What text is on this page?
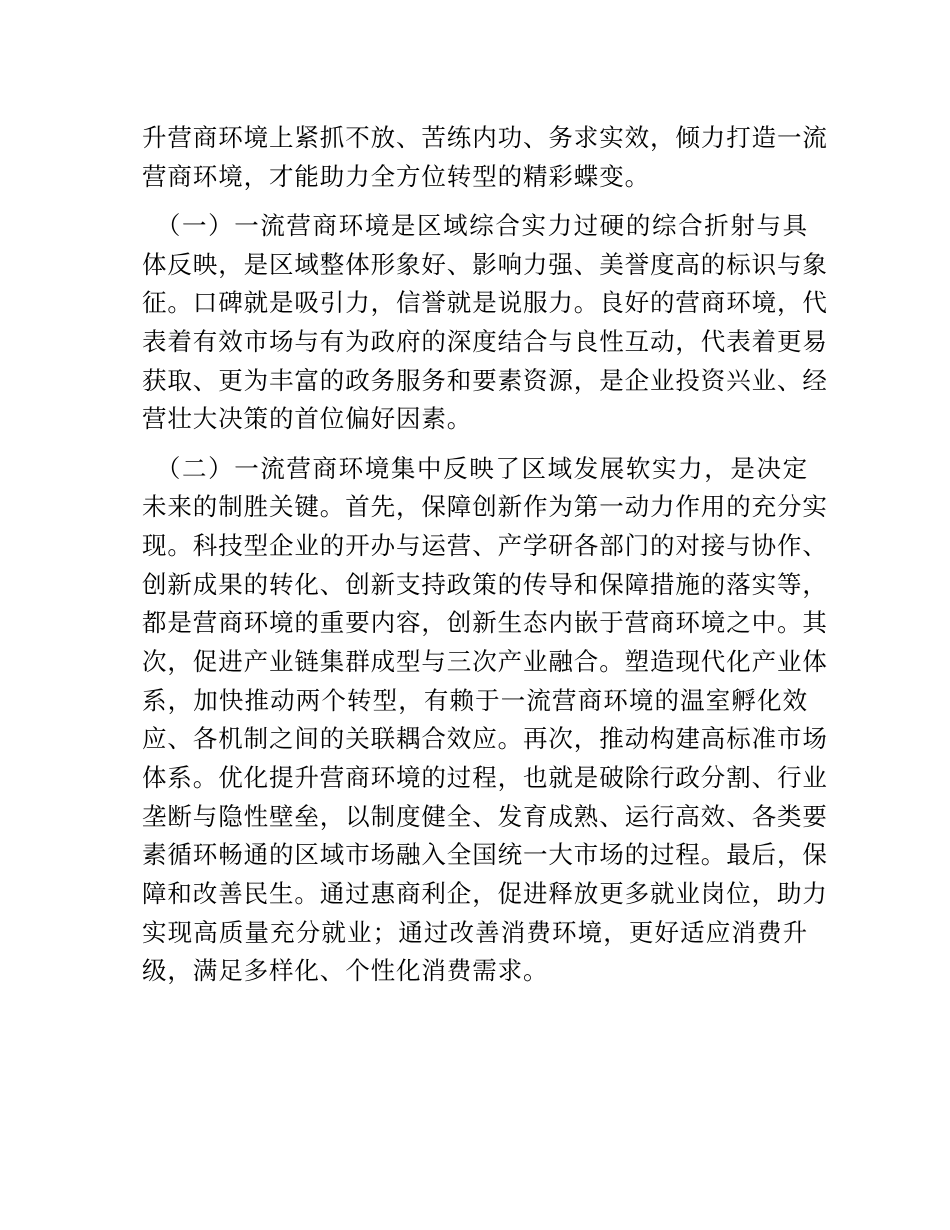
升营商环境上紧抓不放、苦练内功、务求实效，倾力打造一流
营商环境，才能助力全方位转型的精彩蝶变。
　（一）一流营商环境是区域综合实力过硬的综合折射与具
体反映，是区域整体形象好、影响力强、美誉度高的标识与象
征。口碑就是吸引力，信誉就是说服力。良好的营商环境，代
表着有效市场与有为政府的深度结合与良性互动，代表着更易
获取、更为丰富的政务服务和要素资源，是企业投资兴业、经
营壮大决策的首位偏好因素。
　（二）一流营商环境集中反映了区域发展软实力，是决定
未来的制胜关键。首先，保障创新作为第一动力作用的充分实
现。科技型企业的开办与运营、产学研各部门的对接与协作、
创新成果的转化、创新支持政策的传导和保障措施的落实等，
都是营商环境的重要内容，创新生态内嵌于营商环境之中。其
次，促进产业链集群成型与三次产业融合。塑造现代化产业体
系，加快推动两个转型，有赖于一流营商环境的温室孵化效
应、各机制之间的关联耦合效应。再次，推动构建高标准市场
体系。优化提升营商环境的过程，也就是破除行政分割、行业
垄断与隐性壁垒，以制度健全、发育成熟、运行高效、各类要
素循环畅通的区域市场融入全国统一大市场的过程。最后，保
障和改善民生。通过惠商利企，促进释放更多就业岗位，助力
实现高质量充分就业；通过改善消费环境，更好适应消费升
级，满足多样化、个性化消费需求。
